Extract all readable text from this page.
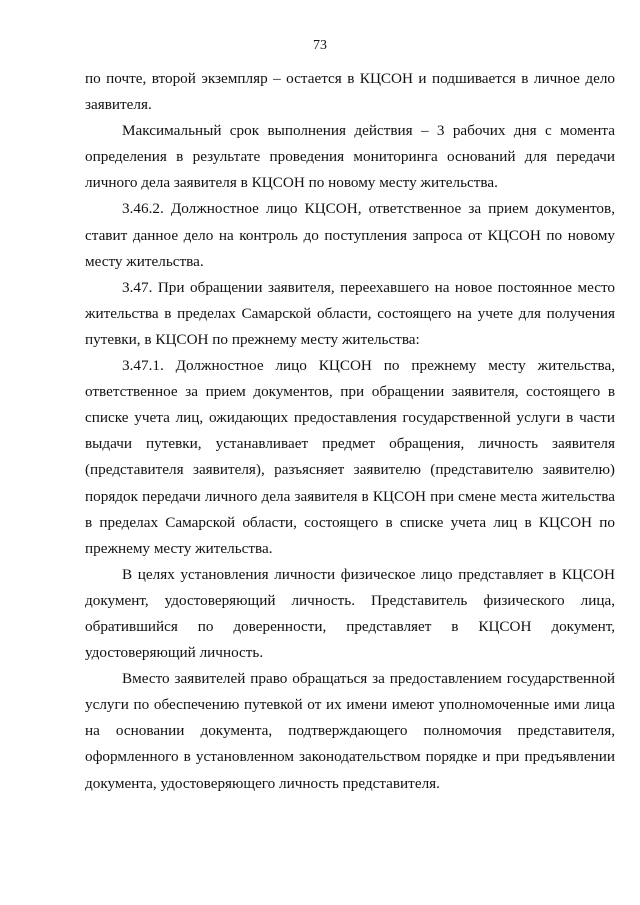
73

по почте, второй экземпляр – остается в КЦСОН и подшивается в личное дело заявителя.

Максимальный срок выполнения действия – 3 рабочих дня с момента определения в результате проведения мониторинга оснований для передачи личного дела заявителя в КЦСОН по новому месту жительства.

3.46.2. Должностное лицо КЦСОН, ответственное за прием документов, ставит данное дело на контроль до поступления запроса от КЦСОН по новому месту жительства.

3.47. При обращении заявителя, переехавшего на новое постоянное место жительства в пределах Самарской области, состоящего на учете для получения путевки, в КЦСОН по прежнему месту жительства:

3.47.1. Должностное лицо КЦСОН по прежнему месту жительства, ответственное за прием документов, при обращении заявителя, состоящего в списке учета лиц, ожидающих предоставления государственной услуги в части выдачи путевки, устанавливает предмет обращения, личность заявителя (представителя заявителя), разъясняет заявителю (представителю заявителю) порядок передачи личного дела заявителя в КЦСОН при смене места жительства в пределах Самарской области, состоящего в списке учета лиц в КЦСОН по прежнему месту жительства.

В целях установления личности физическое лицо представляет в КЦСОН документ, удостоверяющий личность. Представитель физического лица, обратившийся по доверенности, представляет в КЦСОН документ, удостоверяющий личность.

Вместо заявителей право обращаться за предоставлением государственной услуги по обеспечению путевкой от их имени имеют уполномоченные ими лица на основании документа, подтверждающего полномочия представителя, оформленного в установленном законодательством порядке и при предъявлении документа, удостоверяющего личность представителя.
